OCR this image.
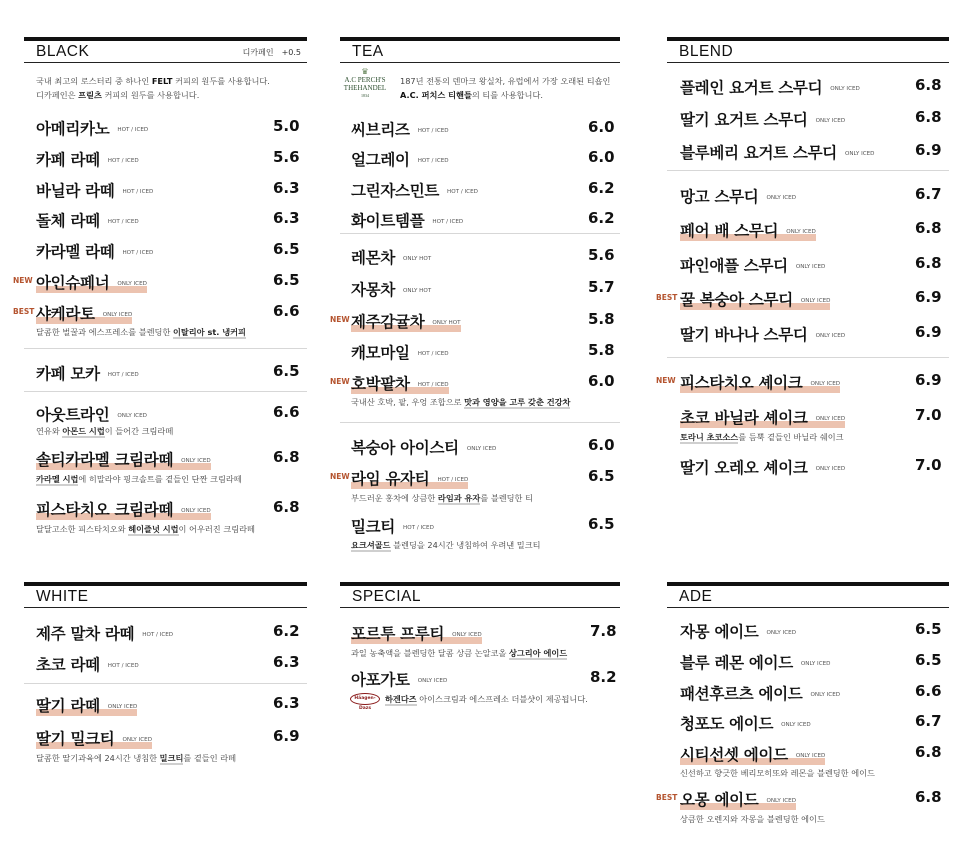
BLACK	디카페인 +0.5
국내 최고의 로스터리 중 하나인 FELT 커피의 원두를 사용합니다.
디카페인은 프릳츠 커피의 원두를 사용합니다.
아메리카노 HOT / ICED	5.0
카페 라떼 HOT / ICED	5.6
바닐라 라떼 HOT / ICED	6.3
돌체 라떼 HOT / ICED	6.3
카라멜 라떼 HOT / ICED	6.5
아인슈페너 ONLY ICED	6.5
샤케라토 ONLY ICED	6.6
카페 모카 HOT / ICED	6.5
아웃트라인 ONLY ICED	6.6
솔티카라멜 크림라떼 ONLY ICED	6.8
피스타치오 크림라떼 ONLY ICED	6.8
TEA
♛
A.C PERCH'S
THEHANDEL
1834
187년 전통의 덴마크 왕실차, 유럽에서 가장 오래된 티숍인
A.C. 퍼치스 티핸들의 티를 사용합니다.
씨브리즈 HOT / ICED	6.0
얼그레이 HOT / ICED	6.0
그린자스민트 HOT / ICED	6.2
화이트템플 HOT / ICED	6.2
레몬차 ONLY HOT	5.6
자몽차 ONLY HOT	5.7
제주감귤차 ONLY HOT	5.8
캐모마일 HOT / ICED	5.8
호박팥차 HOT / ICED	6.0
복숭아 아이스티 ONLY ICED	6.0
라임 유자티 HOT / ICED	6.5
밀크티 HOT / ICED	6.5
BLEND
플레인 요거트 스무디 ONLY ICED	6.8
딸기 요거트 스무디 ONLY ICED	6.8
블루베리 요거트 스무디 ONLY ICED	6.9
망고 스무디 ONLY ICED	6.7
페어 배 스무디 ONLY ICED	6.8
파인애플 스무디 ONLY ICED	6.8
꿀 복숭아 스무디 ONLY ICED	6.9
딸기 바나나 스무디 ONLY ICED	6.9
피스타치오 셰이크 ONLY ICED	6.9
초코 바닐라 셰이크 ONLY ICED	7.0
딸기 오레오 셰이크 ONLY ICED	7.0
WHITE
제주 말차 라떼 HOT / ICED	6.2
초코 라떼 HOT / ICED	6.3
딸기 라떼 ONLY ICED	6.3
딸기 밀크티 ONLY ICED	6.9
SPECIAL
Häagen-Dazs
포르투 프루티 ONLY ICED	7.8
아포가토 ONLY ICED	8.2
ADE
자몽 에이드 ONLY ICED	6.5
블루 레몬 에이드 ONLY ICED	6.5
패션후르츠 에이드 ONLY ICED	6.6
청포도 에이드 ONLY ICED	6.7
시티선셋 에이드 ONLY ICED	6.8
오몽 에이드 ONLY ICED	6.8
NEW
BEST
NEW
NEW
NEW
BEST
NEW
BEST
달콤한 벌꿀과 에스프레소를 블렌딩한 이탈리아 st. 냉커피
연유와 아몬드 시럽이 들어간 크림라떼
카라멜 시럽에 히말라야 핑크솔트를 곁들인 단짠 크림라떼
달달고소한 피스타치오와 헤이즐넛 시럽이 어우러진 크림라떼
국내산 호박, 팥, 우엉 조합으로 맛과 영양을 고루 갖춘 건강차
부드러운 홍차에 상큼한 라임과 유자를 블렌딩한 티
요크셔골드 블렌딩을 24시간 냉침하여 우려낸 밀크티
토라니 초코소스를 듬뿍 곁들인 바닐라 쉐이크
달콤한 딸기과육에 24시간 냉침한 밀크티를 곁들인 라떼
과일 농축액을 블렌딩한 달콤 상큼 논알코올 상그리아 에이드
하겐다즈 아이스크림과 에스프레소 더블샷이 제공됩니다.
신선하고 향긋한 베리모히또와 레몬을 블렌딩한 에이드
상큼한 오렌지와 자몽을 블렌딩한 에이드
